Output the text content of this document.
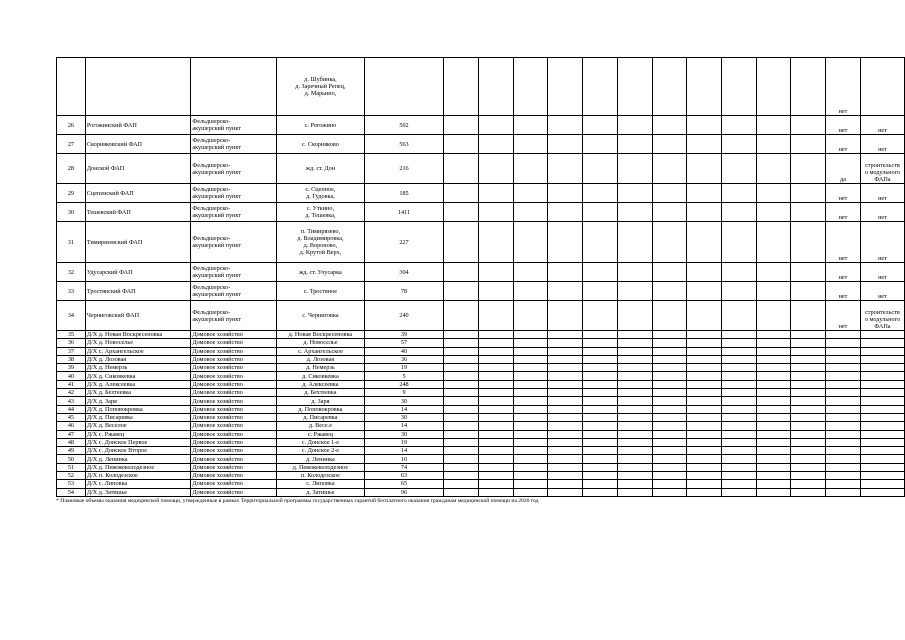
			д. Шубинка,
д. Заречный Репец,
д. Марьино,													нет	
26	Рогожинский ФАП	Фельдшерско-
акушерский пункт	с. Рогожино	502												нет	нет

27	Скорняковский ФАП	Фельдшерско-
акушерский пункт	с. Скорняково	563												нет	нет

28	Донской ФАП	Фельдшерско-
акушерский пункт	жд. ст. Дон	216												да	строительств
о модульного
ФАПа

29	Сцепенский ФАП	Фельдшерско-
акушерский пункт	с. Сцепное,
д. Гудовка,	185												нет	нет

30	Тешевский ФАП	Фельдшерско-
акушерский пункт	с. Уткино,
д. Тешевка,	1411												нет	нет

31	Тимирязевский ФАП	Фельдшерско-
акушерский пункт	п. Тимирязево,
д. Владимировка,
д. Вороново,
д. Крутой Верх,	227												нет	нет

32	Удусарский ФАП	Фельдшерско-
акушерский пункт	жд. ст. Улусарка	304												нет	нет

33	Тростянский ФАП	Фельдшерско-
акушерский пункт	с. Тростяное	78												нет	нет

34	Черниговский ФАП	Фельдшерско-
акушерский пункт	с. Черниговка	240												нет	строительств
о модульного
ФАПа

35	Д/Х д. Новая Воскресеновка	Домовое хозяйство	д. Новая Воскресеновка	39													
36	Д/Х д. Новоселье	Домовое хозяйство	д. Новоселье	57													
37	Д/Х с. Архангельское	Домовое хозяйство	с. Архангельское	40													
38	Д/Х д. Лозовая	Домовое хозяйство	д. Лозовая	36													
39	Д/Х д. Немерзь	Домовое хозяйство	д. Немерзь	19													
40	Д/Х д. Сиковкевка	Домовое хозяйство	д. Сиковкевка	5													
41	Д/Х д. Алексеевка	Домовое хозяйство	д. Алексеевка	248													
42	Д/Х д. Бехтеевка	Домовое хозяйство	д. Бехтеевка	9													
43	Д/Х д. Заря	Домовое хозяйство	д. Заря	30													
44	Д/Х д. Поповокровка	Домовое хозяйство	д. Поповокровка	14													
45	Д/Х д. Писаревка	Домовое хозяйство	д. Писаревка	30													
46	Д/Х д. Веселое	Домовое хозяйство	д. Весе.е	14													
47	Д/Х с. Ржавец	Домовое хозяйство	с. Ржавец	30													
48	Д/Х с. Донское Первое	Домовое хозяйство	с. Донское 1-е	19													
49	Д/Х с. Донское Второе	Домовое хозяйство	с. Донское 2-е	14													
50	Д/Х д. Ленинка	Домовое хозяйство	д. Ленинка	10													
51	Д/Х д. Певежеколодезное	Домовое хозяйство	д. Певежеколодезное	74													
52	Д/Х п. Колодезское	Домовое хозяйство	п. Колодезское	63													
53	Д/Х с. Липовка	Домовое хозяйство	с. Липовка	65													
54	Д/Х д. Затишье	Домовое хозяйство	д. Затишье	96													
* Плановые объемы оказания медицинской помощи, утвержденные в рамках Территориальной программы государственных гарантий бесплатного оказания гражданам медицинской помощи на 2020 год
